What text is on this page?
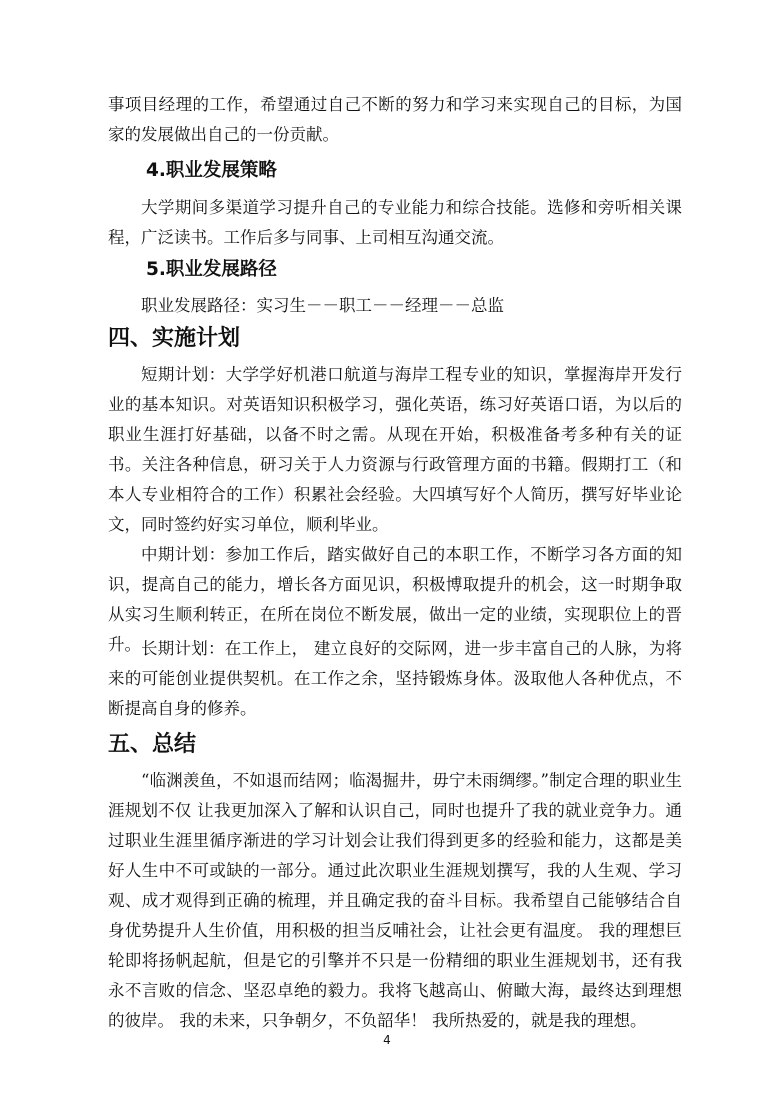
事项目经理的工作，希望通过自己不断的努力和学习来实现自己的目标，为国家的发展做出自己的一份贡献。

4.职业发展策略

大学期间多渠道学习提升自己的专业能力和综合技能。选修和旁听相关课程，广泛读书。工作后多与同事、上司相互沟通交流。

5.职业发展路径

职业发展路径：实习生－－职工－－经理－－总监

四、实施计划

短期计划：大学学好机港口航道与海岸工程专业的知识，掌握海岸开发行业的基本知识。对英语知识积极学习，强化英语，练习好英语口语，为以后的职业生涯打好基础，以备不时之需。从现在开始，积极准备考多种有关的证书。关注各种信息，研习关于人力资源与行政管理方面的书籍。假期打工（和本人专业相符合的工作）积累社会经验。大四填写好个人简历，撰写好毕业论文，同时签约好实习单位，顺利毕业。

中期计划：参加工作后，踏实做好自己的本职工作，不断学习各方面的知识，提高自己的能力，增长各方面见识，积极博取提升的机会，这一时期争取从实习生顺利转正，在所在岗位不断发展，做出一定的业绩，实现职位上的晋升。 长期计划：在工作上， 建立良好的交际网，进一步丰富自己的人脉，为将来的可能创业提供契机。在工作之余，坚持锻炼身体。汲取他人各种优点，不断提高自身的修养。

五、总结

“临渊羡鱼，不如退而结网；临渴掘井，毋宁未雨绸缪。”制定合理的职业生涯规划不仅 让我更加深入了解和认识自己，同时也提升了我的就业竞争力。通过职业生涯里循序渐进的学习计划会让我们得到更多的经验和能力，这都是美好人生中不可或缺的一部分。通过此次职业生涯规划撰写，我的人生观、学习观、成才观得到正确的梳理，并且确定我的奋斗目标。我希望自己能够结合自身优势提升人生价值，用积极的担当反哺社会，让社会更有温度。 我的理想巨轮即将扬帆起航，但是它的引擎并不只是一份精细的职业生涯规划书，还有我 永不言败的信念、坚忍卓绝的毅力。我将飞越高山、俯瞰大海，最终达到理想的彼岸。 我的未来，只争朝夕，不负韶华！ 我所热爱的，就是我的理想。

4
